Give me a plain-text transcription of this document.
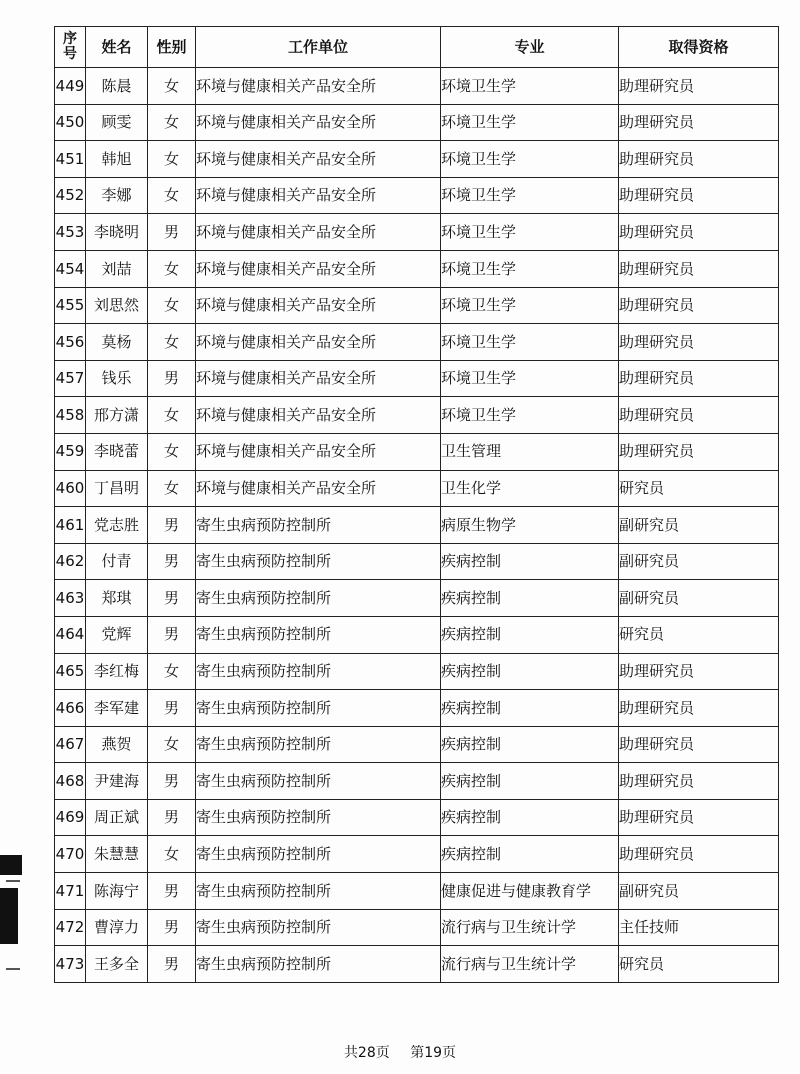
序号	姓名	性别	工作单位	专业	取得资格
449	陈晨	女	环境与健康相关产品安全所	环境卫生学	助理研究员
450	顾雯	女	环境与健康相关产品安全所	环境卫生学	助理研究员
451	韩旭	女	环境与健康相关产品安全所	环境卫生学	助理研究员
452	李娜	女	环境与健康相关产品安全所	环境卫生学	助理研究员
453	李晓明	男	环境与健康相关产品安全所	环境卫生学	助理研究员
454	刘喆	女	环境与健康相关产品安全所	环境卫生学	助理研究员
455	刘思然	女	环境与健康相关产品安全所	环境卫生学	助理研究员
456	莫杨	女	环境与健康相关产品安全所	环境卫生学	助理研究员
457	钱乐	男	环境与健康相关产品安全所	环境卫生学	助理研究员
458	邢方潇	女	环境与健康相关产品安全所	环境卫生学	助理研究员
459	李晓蕾	女	环境与健康相关产品安全所	卫生管理	助理研究员
460	丁昌明	女	环境与健康相关产品安全所	卫生化学	研究员
461	党志胜	男	寄生虫病预防控制所	病原生物学	副研究员
462	付青	男	寄生虫病预防控制所	疾病控制	副研究员
463	郑琪	男	寄生虫病预防控制所	疾病控制	副研究员
464	党辉	男	寄生虫病预防控制所	疾病控制	研究员
465	李红梅	女	寄生虫病预防控制所	疾病控制	助理研究员
466	李军建	男	寄生虫病预防控制所	疾病控制	助理研究员
467	燕贺	女	寄生虫病预防控制所	疾病控制	助理研究员
468	尹建海	男	寄生虫病预防控制所	疾病控制	助理研究员
469	周正斌	男	寄生虫病预防控制所	疾病控制	助理研究员
470	朱慧慧	女	寄生虫病预防控制所	疾病控制	助理研究员
471	陈海宁	男	寄生虫病预防控制所	健康促进与健康教育学	副研究员
472	曹淳力	男	寄生虫病预防控制所	流行病与卫生统计学	主任技师
473	王多全	男	寄生虫病预防控制所	流行病与卫生统计学	研究员
共28页 第19页
